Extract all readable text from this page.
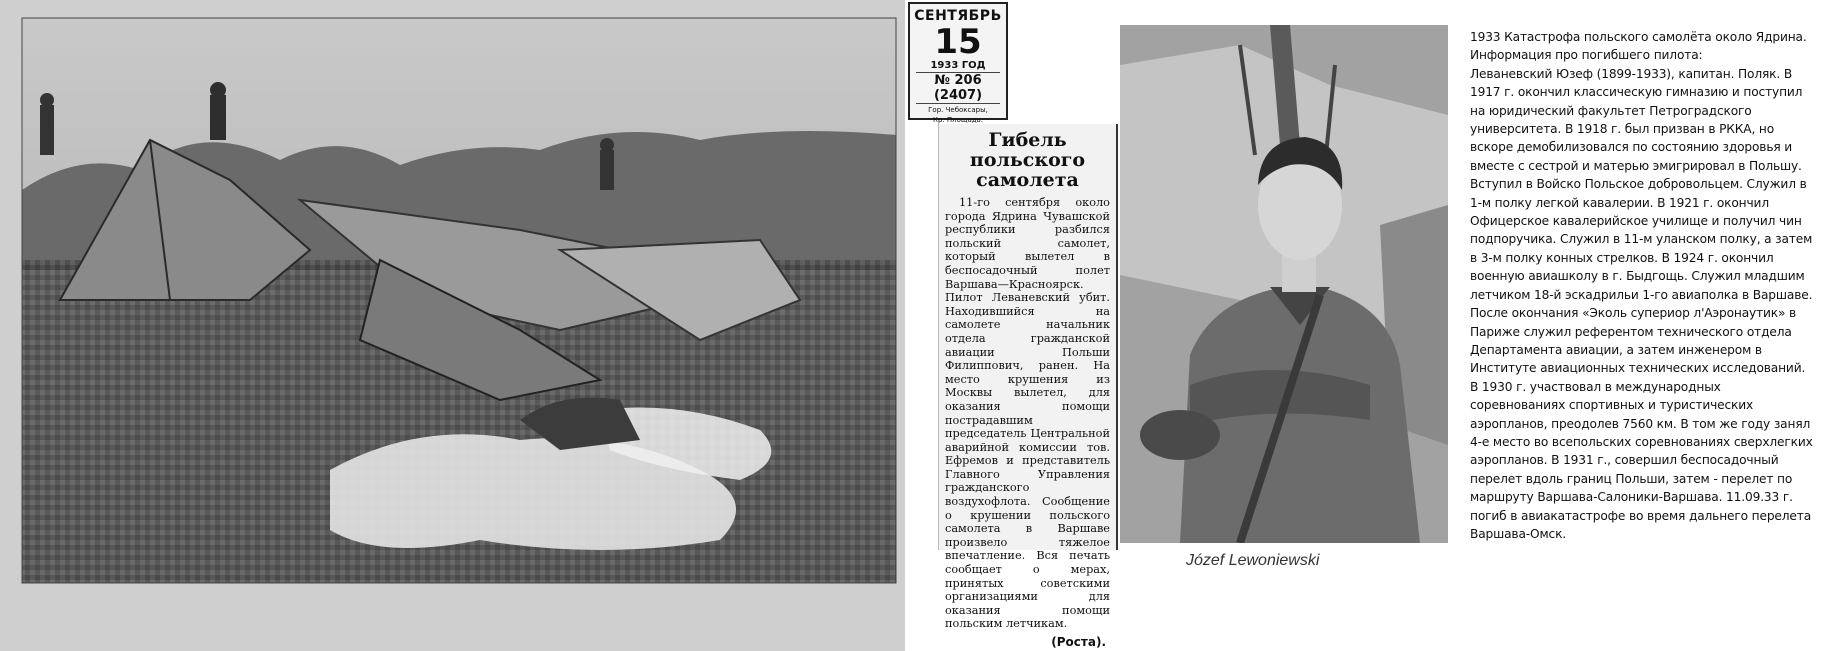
СЕНТЯБРЬ
15
1933 ГОД
№ 206 (2407)
Гор. Чебоксары,
Кр. Площадь.
Гибель польского самолета

11-го сентября около города Ядрина Чувашской республики разбился польский самолет, который вылетел в беспосадочный полет Варшава—Красноярск. Пилот Леваневский убит. Находившийся на самолете начальник отдела гражданской авиации Польши Филиппович, ранен. На место крушения из Москвы вылетел, для оказания помощи пострадавшим председатель Центральной аварийной комиссии тов. Ефремов и представитель Главного Управления гражданского воздухофлота. Сообщение о крушении польского самолета в Варшаве произвело тяжелое впечатление. Вся печать сообщает о мерах, принятых советскими организациями для оказания помощи польским летчикам.

(Роста).
Józef Lewoniewski

1933 Катастрофа польского самолёта около Ядрина.

Информация про погибшего пилота:

Леваневский Юзеф (1899-1933), капитан. Поляк. В 1917 г. окончил классическую гимназию и поступил на юридический факультет Петроградского университета. В 1918 г. был призван в РККА, но вскоре демобилизовался по состоянию здоровья и вместе с сестрой и матерью эмигрировал в Польшу. Вступил в Войско Польское добровольцем. Служил в 1-м полку легкой кавалерии. В 1921 г. окончил Офицерское кавалерийское училище и получил чин подпоручика. Служил в 11-м уланском полку, а затем в 3-м полку конных стрелков. В 1924 г. окончил военную авиашколу в г. Быдгощь. Служил младшим летчиком 18-й эскадрильи 1-го авиаполка в Варшаве. После окончания «Эколь супериор л'Аэронаутик» в Париже служил референтом технического отдела Департамента авиации, а затем инженером в Институте авиационных технических исследований. В 1930 г. участвовал в международных соревнованиях спортивных и туристических аэропланов, преодолев 7560 км. В том же году занял 4-е место во всепольских соревнованиях сверхлегких аэропланов. В 1931 г., совершил беспосадочный перелет вдоль границ Польши, затем - перелет по маршруту Варшава-Салоники-Варшава. 11.09.33 г. погиб в авиакатастрофе во время дальнего перелета Варшава-Омск.
